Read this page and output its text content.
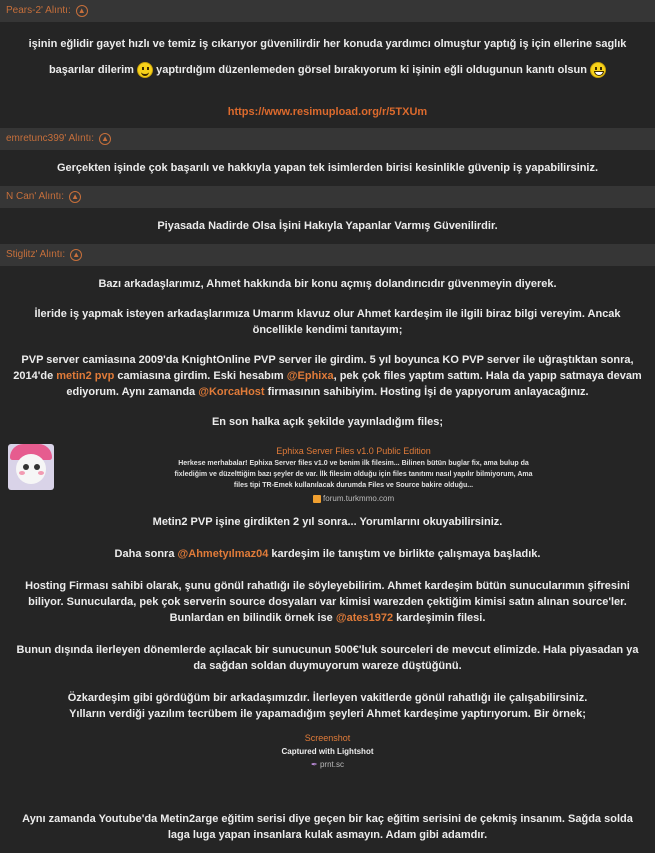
Pears-2' Alıntı: ▲
işinin eğlidir gayet hızlı ve temiz iş cıkarıyor güvenilirdir her konuda yardımcı olmuştur yaptığ iş için ellerine saglık
başarılar dilerim yaptırdığım düzenlemeden görsel bırakıyorum ki işinin eğli oldugunun kanıtı olsun
https://www.resimupload.org/r/5TXUm
emretunc399' Alıntı: ▲
Gerçekten işinde çok başarılı ve hakkıyla yapan tek isimlerden birisi kesinlikle güvenip iş yapabilirsiniz.
N Can' Alıntı: ▲
Piyasada Nadirde Olsa İşini Hakıyla Yapanlar Varmış Güvenilirdir.
Stiglitz' Alıntı: ▲
Bazı arkadaşlarımız, Ahmet hakkında bir konu açmış dolandırıcıdır güvenmeyin diyerek.
İleride iş yapmak isteyen arkadaşlarımıza Umarım klavuz olur Ahmet kardeşim ile ilgili biraz bilgi vereyim. Ancak öncellikle kendimi tanıtayım;
PVP server camiasına 2009'da KnightOnline PVP server ile girdim. 5 yıl boyunca KO PVP server ile uğraştıktan sonra, 2014'de metin2 pvp camiasına girdim. Eski hesabım @Ephixa, pek çok files yaptım sattım. Hala da yapıp satmaya devam ediyorum. Aynı zamanda @KorcaHost firmasının sahibiyim. Hosting İşi de yapıyorum anlayacağınız.
En son halka açık şekilde yayınladığım files;
Ephixa Server Files v1.0 Public Edition
Herkese merhabalar! Ephixa Server files v1.0 ve benim ilk filesim... Bilinen bütün buglar fix, ama bulup da
fixlediğim ve düzelttiğim bazı şeyler de var. İlk filesim olduğu için files tanıtımı nasıl yapılır bilmiyorum, Ama
files tipi TR-Emek kullanılacak durumda Files ve Source bakire olduğu...
forum.turkmmo.com
Metin2 PVP işine girdikten 2 yıl sonra... Yorumlarını okuyabilirsiniz.
Daha sonra @Ahmetyılmaz04 kardeşim ile tanıştım ve birlikte çalışmaya başladık.
Hosting Firması sahibi olarak, şunu gönül rahatlığı ile söyleyebilirim. Ahmet kardeşim bütün sunucularımın şifresini biliyor. Sunucularda, pek çok serverin source dosyaları var kimisi warezden çektiğim kimisi satın alınan source'ler. Bunlardan en bilindik örnek ise @ates1972 kardeşimin filesi.
Bunun dışında ilerleyen dönemlerde açılacak bir sunucunun 500€'luk sourceleri de mevcut elimizde. Hala piyasadan ya da sağdan soldan duymuyorum wareze düştüğünü.
Özkardeşim gibi gördüğüm bir arkadaşımızdır. İlerleyen vakitlerde gönül rahatlığı ile çalışabilirsiniz.
Yılların verdiği yazılım tecrübem ile yapamadığım şeyleri Ahmet kardeşime yaptırıyorum. Bir örnek;
Screenshot
Captured with Lightshot
✒ prnt.sc
Aynı zamanda Youtube'da Metin2arge eğitim serisi diye geçen bir kaç eğitim serisini de çekmiş insanım. Sağda solda laga luga yapan insanlara kulak asmayın. Adam gibi adamdır.
